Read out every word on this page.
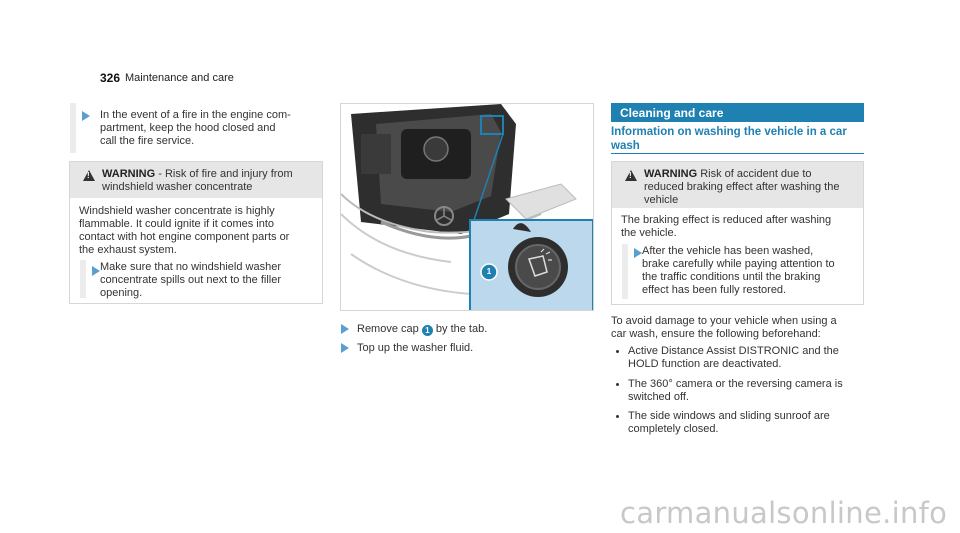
326 Maintenance and care
In the event of a fire in the engine com-
partment, keep the hood closed and
call the fire service.
! WARNING - Risk of fire and injury from
windshield washer concentrate
Windshield washer concentrate is highly
flammable. It could ignite if it comes into
contact with hot engine component parts or
the exhaust system.
Make sure that no windshield washer
concentrate spills out next to the filler
opening.
1
Remove cap 1 by the tab.
Top up the washer fluid.
Cleaning and care
Information on washing the vehicle in a car
wash
! WARNING Risk of accident due to
reduced braking effect after washing the
vehicle
The braking effect is reduced after washing
the vehicle.
After the vehicle has been washed,
brake carefully while paying attention to
the traffic conditions until the braking
effect has been fully restored.
To avoid damage to your vehicle when using a
car wash, ensure the following beforehand:
Active Distance Assist DISTRONIC and the
HOLD function are deactivated.
The 360° camera or the reversing camera is
switched off.
The side windows and sliding sunroof are
completely closed.
carmanualsonline.info
